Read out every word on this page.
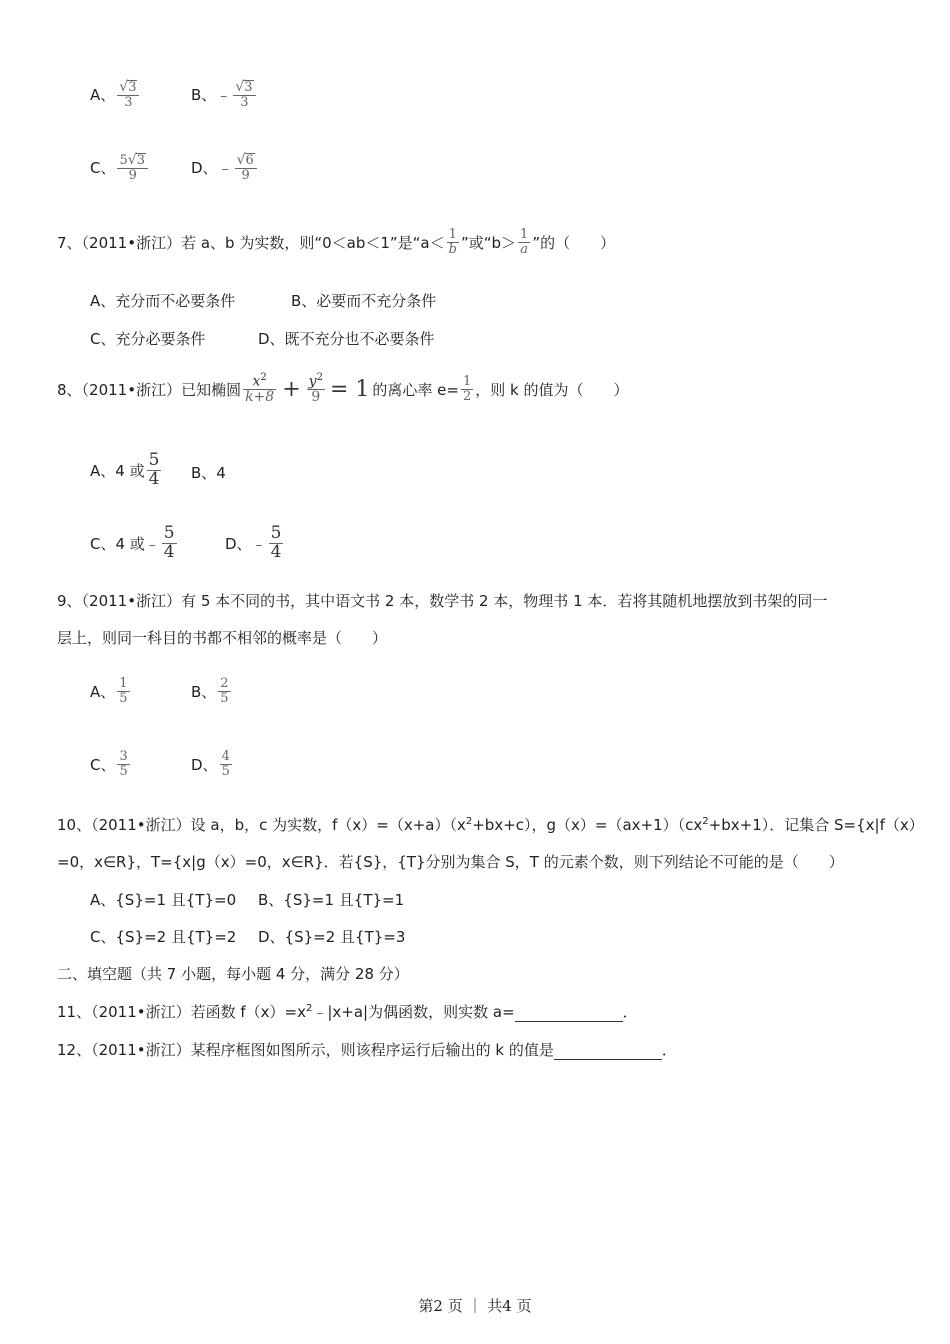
A、 $\frac{√ 3}{3}$	B、 ﹣ $\frac{√ 3}{3}$
C、 $\frac{5 √ 3}{9}$	D、 ﹣ $\frac{√ 6}{9}$
7、（2011•浙江）若 a、b 为实数，则“0＜ab＜1”是“$a< \frac{1}{b}$ ”或“$b> \frac{1}{a}$ ”的（　　）
A、充分而不必要条件	B、必要而不充分条件
C、充分必要条件	D、既不充分也不必要条件
8、（2011•浙江）已知椭圆 $\frac{x^2}{k+8} + \frac{y^2}{9} = 1$ 的离心率 $e= \frac{1}{2}$ ，则 k 的值为（　　）
A、4 或 $\frac{5}{4}$ B、4
C、4 或﹣ $\frac{5}{4}$	D、﹣ $\frac{5}{4}$
9、（2011•浙江）有 5 本不同的书，其中语文书 2 本，数学书 2 本，物理书 1 本．若将其随机地摆放到书架的同一
层上，则同一科目的书都不相邻的概率是（　　）
A、 $\frac{1}{5}$	B、 $\frac{2}{5}$
C、 $\frac{3}{5}$	D、 $\frac{4}{5}$
10、（2011•浙江）设 a，b，c 为实数，$f(x)=(x+a)(x^2+bx+c)$，$g(x)=(ax+1)(cx^2+bx+1)$．记集合 S={x|f（x）
=0，x∈R}，T={x|g（x）=0，x∈R}．若{S}，{T}分别为集合 S，T 的元素个数，则下列结论不可能的是（　　）
A、{S}=1 且{T}=0 B、{S}=1 且{T}=1
C、{S}=2 且{T}=2 D、{S}=2 且{T}=3
二、填空题（共 7 小题，每小题 4 分，满分 28 分）
11、（2011•浙江）若函数 $f(x)=x^2﹣|x+a|$为偶函数，则实数 a=	．
12、（2011•浙江）某程序框图如图所示，则该程序运行后输出的 k 的值是	．
第2 页 ｜ 共4 页
